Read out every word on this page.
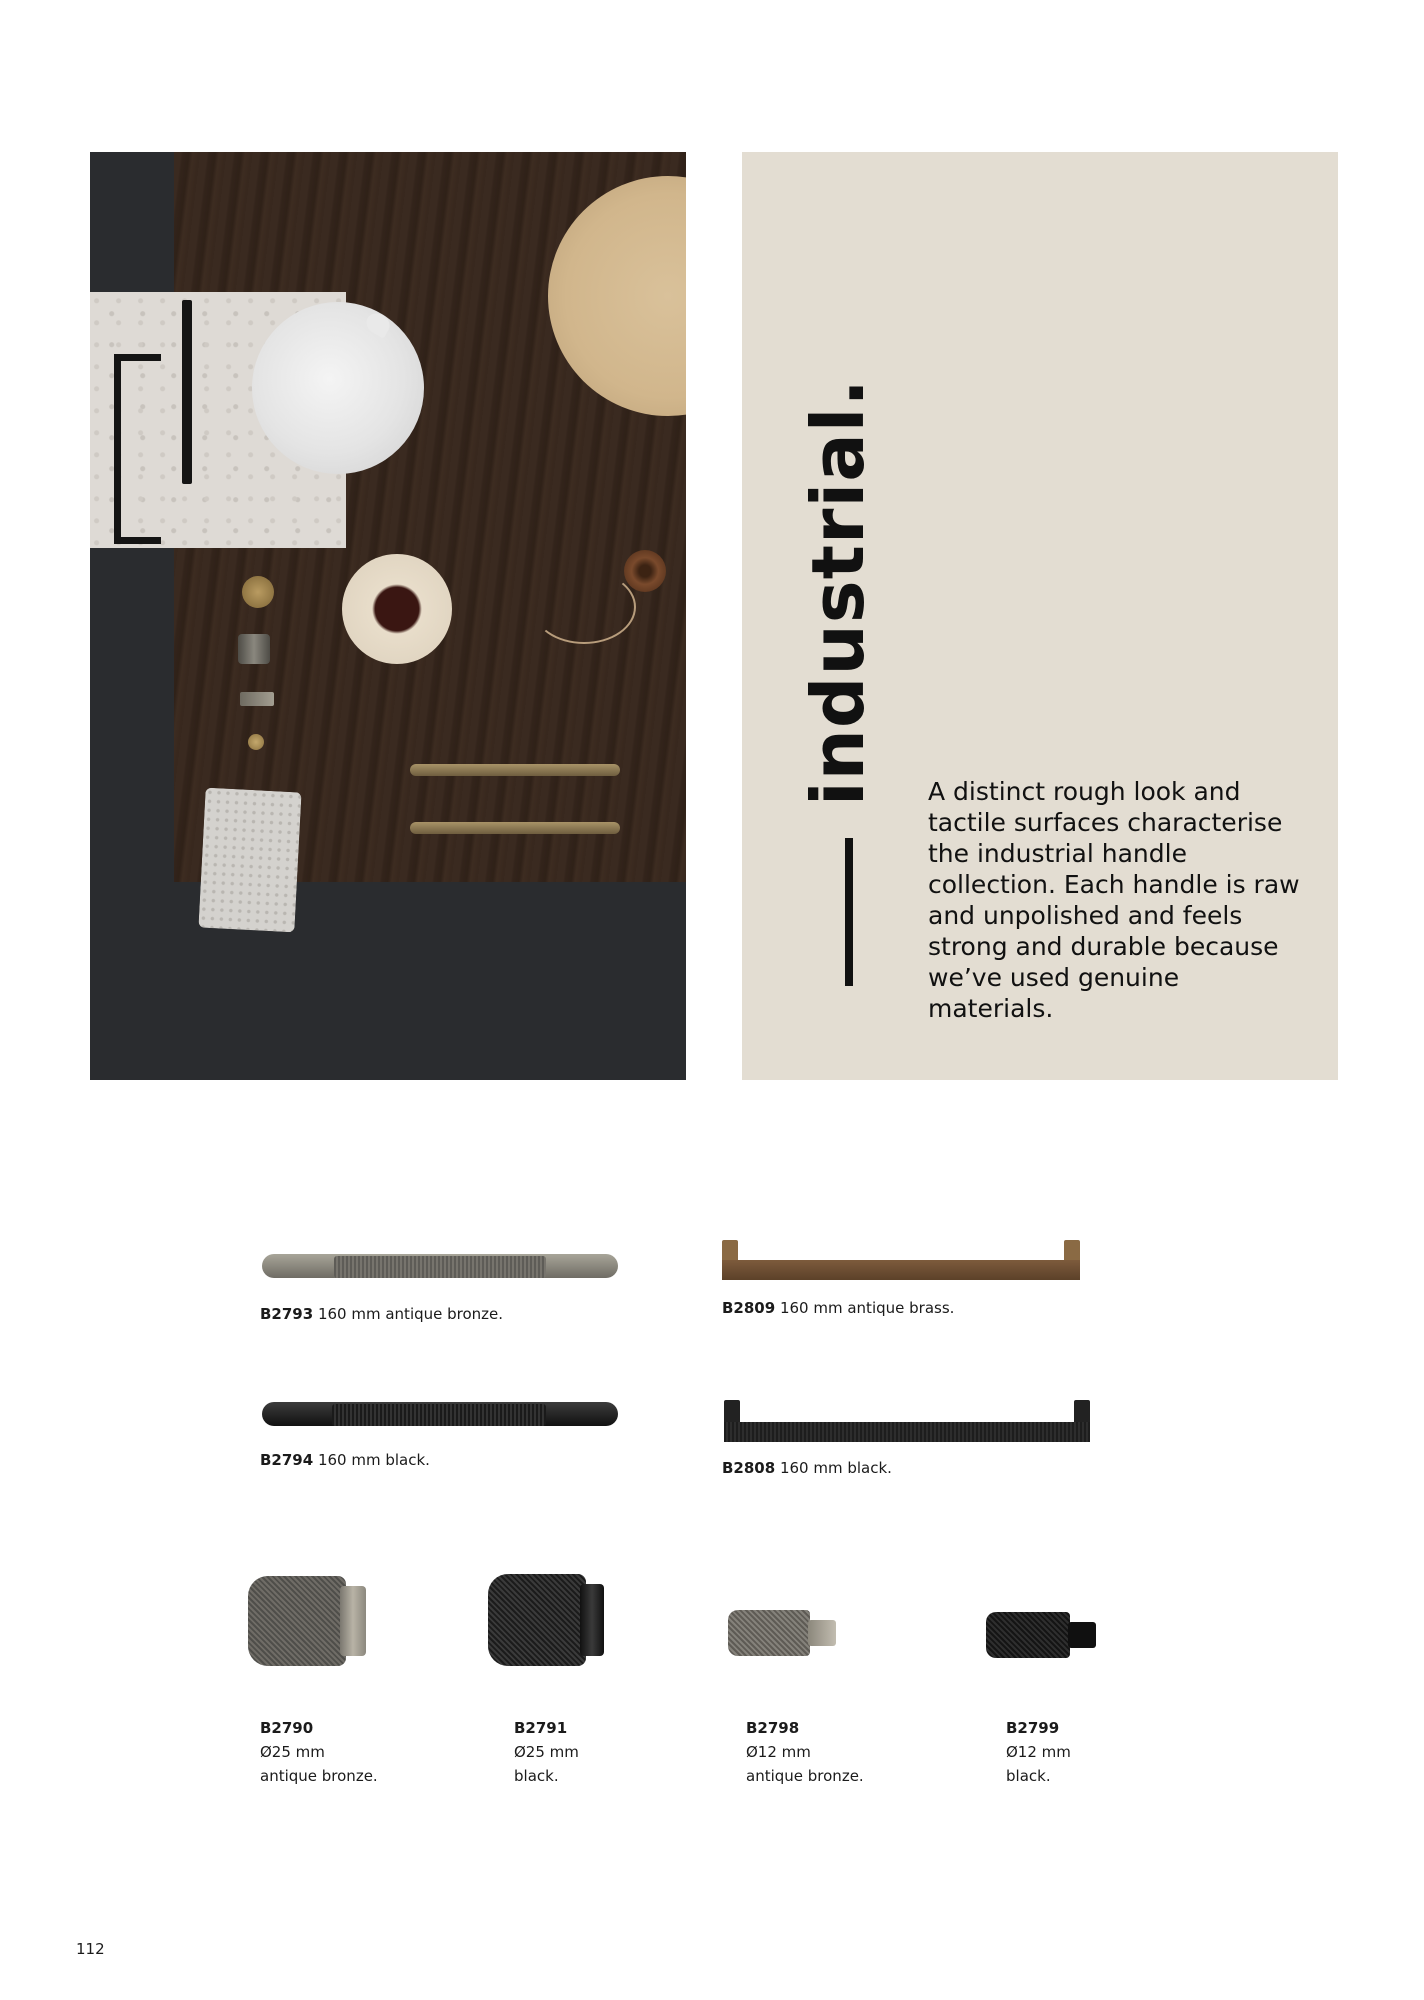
industrial. A distinct rough look and tactile surfaces characterise the industrial handle collection. Each handle is raw and unpolished and feels strong and durable because we’ve used genuine materials.

B2793 160 mm antique bronze.	B2809 160 mm antique brass.
B2794 160 mm black.	B2808 160 mm black.
B2790
Ø25 mm
antique bronze.
B2791
Ø25 mm
black.
B2798
Ø12 mm
antique bronze.
B2799
Ø12 mm
black.
112
